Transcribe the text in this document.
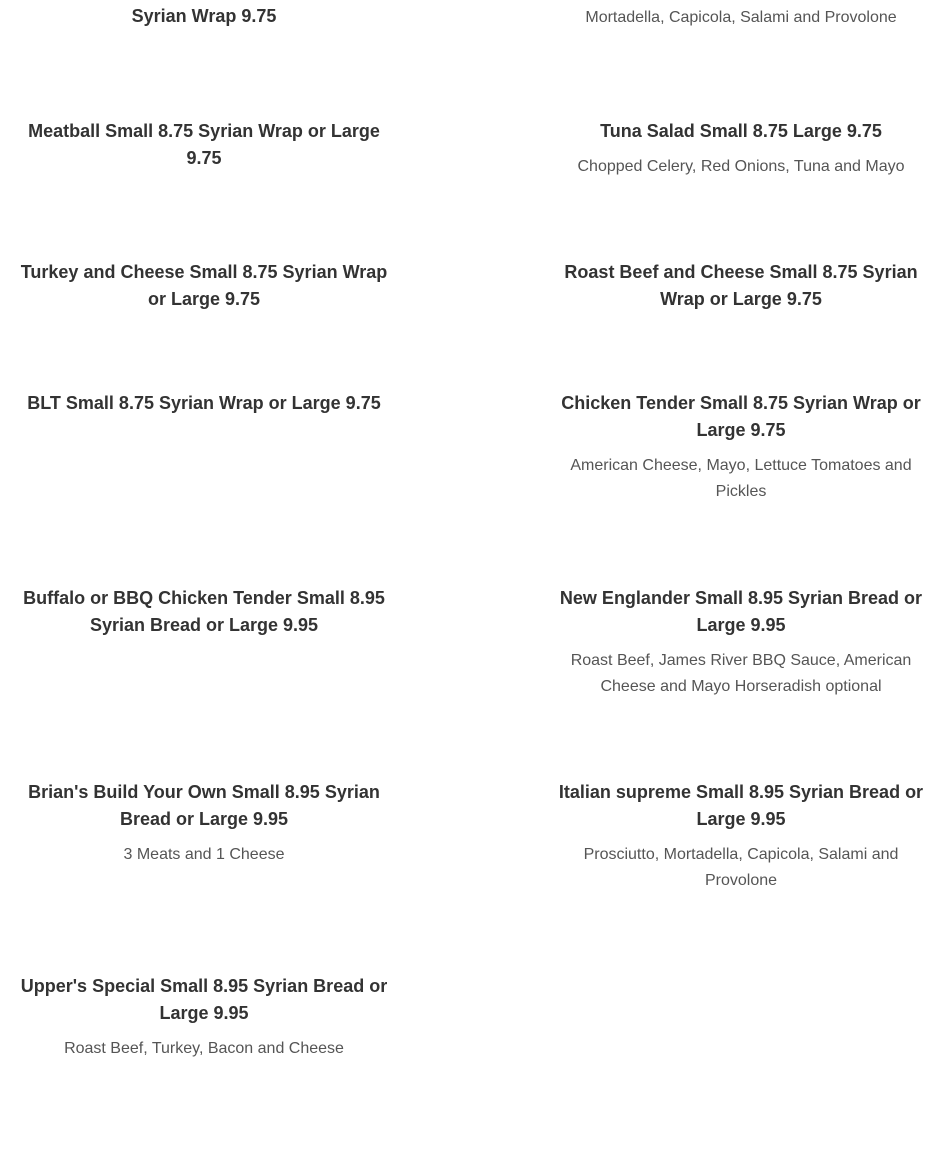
Syrian Wrap 9.75	Mortadella, Capicola, Salami and Provolone

Meatball Small 8.75 Syrian Wrap or Large 9.75

Tuna Salad Small 8.75 Large 9.75

Chopped Celery, Red Onions, Tuna and Mayo

Turkey and Cheese Small 8.75 Syrian Wrap or Large 9.75

Roast Beef and Cheese Small 8.75 Syrian Wrap or Large 9.75

BLT Small 8.75 Syrian Wrap or Large 9.75	Chicken Tender Small 8.75 Syrian Wrap or Large 9.75

American Cheese, Mayo, Lettuce Tomatoes and Pickles

Buffalo or BBQ Chicken Tender Small 8.95 Syrian Bread or Large 9.95

New Englander Small 8.95 Syrian Bread or Large 9.95

Roast Beef, James River BBQ Sauce, American Cheese and Mayo Horseradish optional

Brian's Build Your Own Small 8.95 Syrian Bread or Large 9.95

3 Meats and 1 Cheese

Italian supreme Small 8.95 Syrian Bread or Large 9.95

Prosciutto, Mortadella, Capicola, Salami and Provolone

Upper's Special Small 8.95 Syrian Bread or Large 9.95

Roast Beef, Turkey, Bacon and Cheese
